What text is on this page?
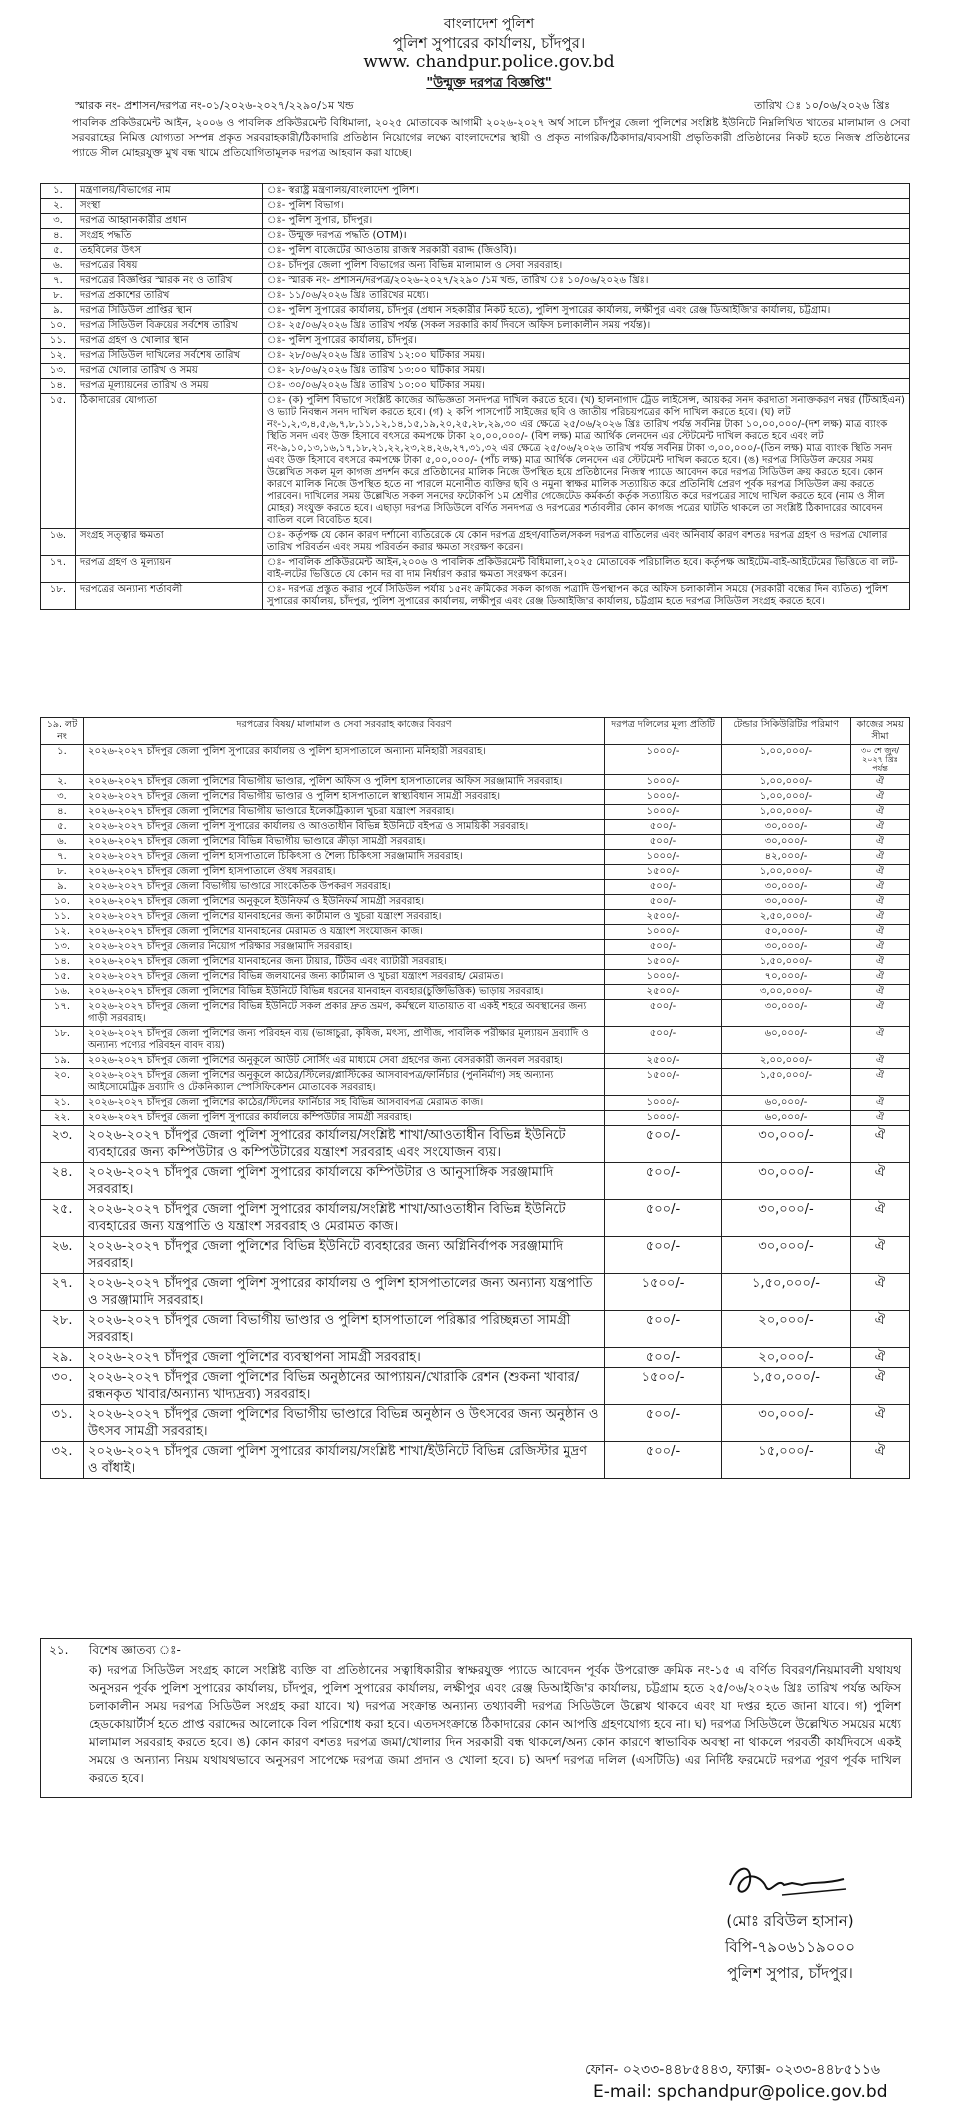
বাংলাদেশ পুলিশ
পুলিশ সুপারের কার্যালয়, চাঁদপুর।
www. chandpur.police.gov.bd
"উন্মুক্ত দরপত্র বিজ্ঞপ্তি"
স্মারক নং- প্রশাসন/দরপত্র নং-০১/২০২৬-২০২৭/২২৯০/১ম খন্ড	তারিখ ঃ ১০/০৬/২০২৬ খ্রিঃ
পাবলিক প্রকিউরমেন্ট আইন, ২০০৬ ও পাবলিক প্রকিউরমেন্ট বিধিমালা, ২০২৫ মোতাবেক আগামী ২০২৬-২০২৭ অর্থ সালে চাঁদপুর জেলা পুলিশের সংশ্লিষ্ট ইউনিটে নিম্নলিখিত খাতের মালামাল ও সেবা সরবরাহের নিমিত্ত যোগ্যতা সম্পন্ন প্রকৃত সরবরাহকারী/ঠিকাদারি প্রতিষ্ঠান নিয়োগের লক্ষ্যে বাংলাদেশের স্থায়ী ও প্রকৃত নাগরিক/ঠিকাদার/ব্যবসায়ী প্রভৃতিকারী প্রতিষ্ঠানের নিকট হতে নিজস্ব প্রতিষ্ঠানের প্যাডে সীল মোহরযুক্ত মুখ বন্ধ খামে প্রতিযোগিতামূলক দরপত্র আহবান করা যাচ্ছে।
১.	মন্ত্রণালয়/বিভাগের নাম	ঃ- স্বরাষ্ট্র মন্ত্রণালয়/বাংলাদেশ পুলিশ।
২.	সংস্থা	ঃ- পুলিশ বিভাগ।
৩.	দরপত্র আহ্বানকারীর প্রধান	ঃ- পুলিশ সুপার, চাঁদপুর।
৪.	সংগ্রহ পদ্ধতি	ঃ- উন্মুক্ত দরপত্র পদ্ধতি (OTM)।
৫.	তহবিলের উৎস	ঃ- পুলিশ বাজেটের আওতায় রাজস্ব সরকারী বরাদ্দ (জিওবি)।
৬.	দরপত্রের বিষয়	ঃ- চাঁদপুর জেলা পুলিশ বিভাগের অন্য বিভিন্ন মালামাল ও সেবা সরবরাহ।
৭.	দরপত্রের বিজ্ঞপ্তির স্মারক নং ও তারিখ	ঃ- স্মারক নং- প্রশাসন/দরপত্র/২০২৬-২০২৭/২২৯০ /১ম খন্ড, তারিখ ঃ ১০/০৬/২০২৬ খ্রিঃ।
৮.	দরপত্র প্রকাশের তারিখ	ঃ- ১১/০৬/২০২৬ খ্রিঃ তারিখের মধ্যে।
৯.	দরপত্র সিডিউল প্রাপ্তির স্থান	ঃ- পুলিশ সুপারের কার্যালয়, চাঁদপুর (প্রধান সহকারীর নিকট হতে), পুলিশ সুপারের কার্যালয়, লক্ষীপুর এবং রেঞ্জ ডিআইজি'র কার্যালয়, চট্টগ্রাম।
১০.	দরপত্র সিডিউল বিক্রয়ের সর্বশেষ তারিখ	ঃ- ২৫/০৬/২০২৬ খ্রিঃ তারিখ পর্যন্ত (সকল সরকারি কার্য দিবসে অফিস চলাকালীন সময় পর্যন্ত)।
১১.	দরপত্র গ্রহণ ও খোলার স্থান	ঃ- পুলিশ সুপারের কার্যালয়, চাঁদপুর।
১২.	দরপত্র সিডিউল দাখিলের সর্বশেষ তারিখ	ঃ- ২৮/০৬/২০২৬ খ্রিঃ তারিখ ১২:০০ ঘটিকার সময়।
১৩.	দরপত্র খোলার তারিখ ও সময়	ঃ- ২৮/০৬/২০২৬ খ্রিঃ তারিখ ১৩:০০ ঘটিকার সময়।
১৪.	দরপত্র মূল্যায়নের তারিখ ও সময়	ঃ- ৩০/০৬/২০২৬ খ্রিঃ তারিখ ১০:০০ ঘটিকার সময়।
১৫.	ঠিকাদারের যোগ্যতা	ঃ- (ক) পুলিশ বিভাগে সংশ্লিষ্ট কাজের অভিজ্ঞতা সনদপত্র দাখিল করতে হবে। (খ) হালনাগাদ ট্রেড লাইসেন্স, আয়কর সনদ করদাতা সনাক্তকরণ নম্বর (টিআইএন) ও ভ্যাট নিবন্ধন সনদ দাখিল করতে হবে। (গ) ২ কপি পাসপোর্ট সাইজের ছবি ও জাতীয় পরিচয়পত্রের কপি দাখিল করতে হবে। (ঘ) লট নং-১,২,৩,৪,৫,৬,৭,৮,১১,১২,১৪,১৫,১৯,২০,২৫,২৮,২৯,৩০ এর ক্ষেত্রে ২৫/০৬/২০২৬ খ্রিঃ তারিখ পর্যন্ত সর্বনিম্ন টাকা ১০,০০,০০০/-(দশ লক্ষ) মাত্র ব্যাংক স্থিতি সনদ এবং উক্ত হিসাবে বৎসরে কমপক্ষে টাকা ২০,০০,০০০/- (বিশ লক্ষ) মাত্র আর্থিক লেনদেন এর স্টেটমেন্ট দাখিল করতে হবে এবং লট নং-৯,১০,১৩,১৬,১৭,১৮,২১,২২,২৩,২৪,২৬,২৭,৩১,৩২ এর ক্ষেত্রে ২৫/০৬/২০২৬ তারিখ পর্যন্ত সর্বনিম্ন টাকা ৩,০০,০০০/-(তিন লক্ষ) মাত্র ব্যাংক স্থিতি সনদ এবং উক্ত হিসাবে বৎসরে কমপক্ষে টাকা ৫,০০,০০০/- (পাঁচ লক্ষ) মাত্র আর্থিক লেনদেন এর স্টেটমেন্ট দাখিল করতে হবে। (ঙ) দরপত্র সিডিউল ক্রয়ের সময় উল্লেখিত সকল মূল কাগজ প্রদর্শন করে প্রতিষ্ঠানের মালিক নিজে উপস্থিত হয়ে প্রতিষ্ঠানের নিজস্ব প্যাডে আবেদন করে দরপত্র সিডিউল ক্রয় করতে হবে। কোন কারণে মালিক নিজে উপস্থিত হতে না পারলে মনোনীত ব্যক্তির ছবি ও নমুনা স্বাক্ষর মালিক সত্যায়িত করে প্রতিনিধি প্রেরণ পূর্বক দরপত্র সিডিউল ক্রয় করতে পারবেন। দাখিলের সময় উল্লেখিত সকল সনদের ফটোকপি ১ম শ্রেণীর গেজেটেড কর্মকর্তা কর্তৃক সত্যায়িত করে দরপত্রের সাথে দাখিল করতে হবে (নাম ও সীল মোহর) সংযুক্ত করতে হবে। এছাড়া দরপত্র সিডিউলে বর্ণিত সনদপত্র ও দরপত্রের শর্তাবলীর কোন কাগজ পত্রের ঘাটতি থাকলে তা সংশ্লিষ্ট ঠিকাদারের আবেদন বাতিল বলে বিবেচিত হবে।
১৬.	সংগ্রহ সত্ত্বার ক্ষমতা	ঃ- কর্তৃপক্ষ যে কোন কারণ দর্শানো ব্যতিরেকে যে কোন দরপত্র গ্রহণ/বাতিল/সকল দরপত্র বাতিলের এবং অনিবার্য কারণ বশতঃ দরপত্র গ্রহণ ও দরপত্র খোলার তারিখ পরিবর্তন এবং সময় পরিবর্তন করার ক্ষমতা সংরক্ষণ করেন।
১৭.	দরপত্র গ্রহণ ও মূল্যায়ন	ঃ- পাবলিক প্রকিউরমেন্ট আইন,২০০৬ ও পাবলিক প্রকিউরমেন্ট বিধিমালা,২০২৫ মোতাবেক পরিচালিত হবে। কর্তৃপক্ষ আইটেম-বাই-আইটেমের ভিত্তিতে বা লট-বাই-লটের ভিত্তিতে যে কোন দর বা দাম নির্ধারণ করার ক্ষমতা সংরক্ষণ করেন।
১৮.	দরপত্রের অন্যান্য শর্তাবলী	ঃ- দরপত্র প্রস্তুত করার পূর্বে সিডিউল পর্যায় ১৫নং ক্রমিকের সকল কাগজ পত্রাদি উপস্থাপন করে অফিস চলাকালীন সময়ে (সরকারী বন্ধের দিন ব্যতিত) পুলিশ সুপারের কার্যালয়, চাঁদপুর, পুলিশ সুপারের কার্যালয়, লক্ষীপুর এবং রেঞ্জ ডিআইজি'র কার্যালয়, চট্টগ্রাম হতে দরপত্র সিডিউল সংগ্রহ করতে হবে।
১৯. লট নং	দরপত্রের বিষয়/ মালামাল ও সেবা সরবরাহ কাজের বিবরণ	দরপত্র দলিলের মূল্য প্রতিটি	টেন্ডার সিকিউরিটির পরিমাণ	কাজের সময় সীমা
১.	২০২৬-২০২৭ চাঁদপুর জেলা পুলিশ সুপারের কার্যালয় ও পুলিশ হাসপাতালে অন্যান্য মনিহারী সরবরাহ।	১০০০/-	১,০০,০০০/-	৩০ শে জুন/২০২৭ খ্রিঃ পর্যন্ত
২.	২০২৬-২০২৭ চাঁদপুর জেলা পুলিশের বিভাগীয় ভাণ্ডার, পুলিশ অফিস ও পুলিশ হাসপাতালের অফিস সরঞ্জামাদি সরবরাহ।	১০০০/-	১,০০,০০০/-	ঐ
৩.	২০২৬-২০২৭ চাঁদপুর জেলা পুলিশের বিভাগীয় ভাণ্ডার ও পুলিশ হাসপাতালে স্বাস্থ্যবিধান সামগ্রী সরবরাহ।	১০০০/-	১,০০,০০০/-	ঐ
৪.	২০২৬-২০২৭ চাঁদপুর জেলা পুলিশের বিভাগীয় ভাণ্ডারে ইলেকট্রিক্যাল খুচরা যন্ত্রাংশ সরবরাহ।	১০০০/-	১,০০,০০০/-	ঐ
৫.	২০২৬-২০২৭ চাঁদপুর জেলা পুলিশ সুপারের কার্যালয় ও আওতাধীন বিভিন্ন ইউনিটে বইপত্র ও সাময়িকী সরবরাহ।	৫০০/-	৩০,০০০/-	ঐ
৬.	২০২৬-২০২৭ চাঁদপুর জেলা পুলিশের বিভিন্ন বিভাগীয় ভাণ্ডারে ক্রীড়া সামগ্রী সরবরাহ।	৫০০/-	৩০,০০০/-	ঐ
৭.	২০২৬-২০২৭ চাঁদপুর জেলা পুলিশ হাসপাতালে চিকিৎসা ও শৈল্য চিকিৎসা সরঞ্জামাদি সরবরাহ।	১০০০/-	৪২,০০০/-	ঐ
৮.	২০২৬-২০২৭ চাঁদপুর জেলা পুলিশ হাসপাতালে ঔষধ সরবরাহ।	১৫০০/-	১,০০,০০০/-	ঐ
৯.	২০২৬-২০২৭ চাঁদপুর জেলা বিভাগীয় ভাণ্ডারে সাংকেতিক উপকরণ সরবরাহ।	৫০০/-	৩০,০০০/-	ঐ
১০.	২০২৬-২০২৭ চাঁদপুর জেলা পুলিশের অনুকূলে ইউনিফর্ম ও ইউনিফর্ম সামগ্রী সরবরাহ।	৫০০/-	৩০,০০০/-	ঐ
১১.	২০২৬-২০২৭ চাঁদপুর জেলা পুলিশের যানবাহনের জন্য কার্টামাল ও খুচরা যন্ত্রাংশ সরবরাহ।	২৫০০/-	২,৫০,০০০/-	ঐ
১২.	২০২৬-২০২৭ চাঁদপুর জেলা পুলিশের যানবাহনের মেরামত ও যন্ত্রাংশ সংযোজন কাজ।	১০০০/-	৫০,০০০/-	ঐ
১৩.	২০২৬-২০২৭ চাঁদপুর জেলার নিয়োগ পরিক্ষার সরঞ্জামাদি সরবরাহ।	৫০০/-	৩০,০০০/-	ঐ
১৪.	২০২৬-২০২৭ চাঁদপুর জেলা পুলিশের যানবাহনের জন্য টায়ার, টিউব এবং ব্যাটারী সরবরাহ।	১৫০০/-	১,৫০,০০০/-	ঐ
১৫.	২০২৬-২০২৭ চাঁদপুর জেলা পুলিশের বিভিন্ন জলযানের জন্য কার্টামাল ও খুচরা যন্ত্রাংশ সরবরাহ/ মেরামত।	১০০০/-	৭০,০০০/-	ঐ
১৬.	২০২৬-২০২৭ চাঁদপুর জেলা পুলিশের বিভিন্ন ইউনিটে বিভিন্ন ধরনের যানবাহন ব্যবহার(চুক্তিভিত্তিক) ভাড়ায় সরবরাহ।	২৫০০/-	৩,০০,০০০/-	ঐ
১৭.	২০২৬-২০২৭ চাঁদপুর জেলা পুলিশের বিভিন্ন ইউনিটে সকল প্রকার দ্রুত ভ্রমণ, কর্মস্থলে যাতায়াত বা একই শহরে অবস্থানের জন্য গাড়ী সরবরাহ।	৫০০/-	৩০,০০০/-	ঐ
১৮.	২০২৬-২০২৭ চাঁদপুর জেলা পুলিশের জন্য পরিবহন ব্যয় (ভাঙ্গাচুরা, কৃষিজ, মৎস্য, প্রাণীজ, পাবলিক পরীক্ষার মূল্যায়ন দ্রব্যাদি ও অন্যান্য পণ্যের পরিবহন বাবদ ব্যয়)	৫০০/-	৬০,০০০/-	ঐ
১৯.	২০২৬-২০২৭ চাঁদপুর জেলা পুলিশের অনুকূলে আউট সোর্সিং এর মাধ্যমে সেবা গ্রহণের জন্য বেসরকারী জনবল সরবরাহ।	২৫০০/-	২,০০,০০০/-	ঐ
২০.	২০২৬-২০২৭ চাঁদপুর জেলা পুলিশের অনুকূলে কাঠের/স্টিলের/প্লাস্টিকের আসবাবপত্র/ফার্নিচার (পুননির্মাণ) সহ অন্যান্য আইসোমেট্রিক দ্রব্যাদি ও টেকনিক্যাল স্পেসিফিকেশন মোতাবেক সরবরাহ।	১৫০০/-	১,৫০,০০০/-	ঐ
২১.	২০২৬-২০২৭ চাঁদপুর জেলা পুলিশের কাঠের/স্টিলের ফার্নিচার সহ বিভিন্ন আসবাবপত্র মেরামত কাজ।	১০০০/-	৬০,০০০/-	ঐ
২২.	২০২৬-২০২৭ চাঁদপুর জেলা পুলিশ সুপারের কার্যালয়ে কম্পিউটার সামগ্রী সরবরাহ।	১০০০/-	৬০,০০০/-	ঐ
২৩.	২০২৬-২০২৭ চাঁদপুর জেলা পুলিশ সুপারের কার্যালয়/সংশ্লিষ্ট শাখা/আওতাধীন বিভিন্ন ইউনিটে ব্যবহারের জন্য কম্পিউটার ও কম্পিউটারের যন্ত্রাংশ সরবরাহ এবং সংযোজন ব্যয়।	৫০০/-	৩০,০০০/-	ঐ
২৪.	২০২৬-২০২৭ চাঁদপুর জেলা পুলিশ সুপারের কার্যালয়ে কম্পিউটার ও আনুসাঙ্গিক সরঞ্জামাদি সরবরাহ।	৫০০/-	৩০,০০০/-	ঐ
২৫.	২০২৬-২০২৭ চাঁদপুর জেলা পুলিশ সুপারের কার্যালয়/সংশ্লিষ্ট শাখা/আওতাধীন বিভিন্ন ইউনিটে ব্যবহারের জন্য যন্ত্রপাতি ও যন্ত্রাংশ সরবরাহ ও মেরামত কাজ।	৫০০/-	৩০,০০০/-	ঐ
২৬.	২০২৬-২০২৭ চাঁদপুর জেলা পুলিশের বিভিন্ন ইউনিটে ব্যবহারের জন্য অগ্নিনির্বাপক সরঞ্জামাদি সরবরাহ।	৫০০/-	৩০,০০০/-	ঐ
২৭.	২০২৬-২০২৭ চাঁদপুর জেলা পুলিশ সুপারের কার্যালয় ও পুলিশ হাসপাতালের জন্য অন্যান্য যন্ত্রপাতি ও সরঞ্জামাদি সরবরাহ।	১৫০০/-	১,৫০,০০০/-	ঐ
২৮.	২০২৬-২০২৭ চাঁদপুর জেলা বিভাগীয় ভাণ্ডার ও পুলিশ হাসপাতালে পরিষ্কার পরিচ্ছন্নতা সামগ্রী সরবরাহ।	৫০০/-	২০,০০০/-	ঐ
২৯.	২০২৬-২০২৭ চাঁদপুর জেলা পুলিশের ব্যবস্থাপনা সামগ্রী সরবরাহ।	৫০০/-	২০,০০০/-	ঐ
৩০.	২০২৬-২০২৭ চাঁদপুর জেলা পুলিশের বিভিন্ন অনুষ্ঠানের আপ্যায়ন/খোরাকি রেশন (শুকনা খাবার/রন্ধনকৃত খাবার/অন্যান্য খাদ্যদ্রব্য) সরবরাহ।	১৫০০/-	১,৫০,০০০/-	ঐ
৩১.	২০২৬-২০২৭ চাঁদপুর জেলা পুলিশের বিভাগীয় ভাণ্ডারে বিভিন্ন অনুষ্ঠান ও উৎসবের জন্য অনুষ্ঠান ও উৎসব সামগ্রী সরবরাহ।	৫০০/-	৩০,০০০/-	ঐ
৩২.	২০২৬-২০২৭ চাঁদপুর জেলা পুলিশ সুপারের কার্যালয়/সংশ্লিষ্ট শাখা/ইউনিটে বিভিন্ন রেজিস্টার মুদ্রণ ও বাঁধাই।	৫০০/-	১৫,০০০/-	ঐ
২১. বিশেষ জ্ঞাতব্য ঃ-
ক) দরপত্র সিডিউল সংগ্রহ কালে সংশ্লিষ্ট ব্যক্তি বা প্রতিষ্ঠানের সত্বাধিকারীর স্বাক্ষরযুক্ত প্যাডে আবেদন পূর্বক উপরোক্ত ক্রমিক নং-১৫ এ বর্ণিত বিবরণ/নিয়মাবলী যথাযথ অনুসরন পূর্বক পুলিশ সুপারের কার্যালয়, চাঁদপুর, পুলিশ সুপারের কার্যালয়, লক্ষীপুর এবং রেঞ্জ ডিআইজি'র কার্যালয়, চট্টগ্রাম হতে ২৫/০৬/২০২৬ খ্রিঃ তারিখ পর্যন্ত অফিস চলাকালীন সময় দরপত্র সিডিউল সংগ্রহ করা যাবে। খ) দরপত্র সংক্রান্ত অন্যান্য তথ্যাবলী দরপত্র সিডিউলে উল্লেখ থাকবে এবং যা দপ্তর হতে জানা যাবে। গ) পুলিশ হেডকোয়ার্টার্স হতে প্রাপ্ত বরাদ্দের আলোকে বিল পরিশোধ করা হবে। এতদসংক্রান্তে ঠিকাদারের কোন আপত্তি গ্রহণযোগ্য হবে না। ঘ) দরপত্র সিডিউলে উল্লেখিত সময়ের মধ্যে মালামাল সরবরাহ করতে হবে। ঙ) কোন কারণ বশতঃ দরপত্র জমা/খোলার দিন সরকারী বন্ধ থাকলে/অন্য কোন কারণে স্বাভাবিক অবস্থা না থাকলে পরবর্তী কার্যদিবসে একই সময়ে ও অন্যান্য নিয়ম যথাযথভাবে অনুসরণ সাপেক্ষে দরপত্র জমা প্রদান ও খোলা হবে। চ) অদর্শ দরপত্র দলিল (এসটিডি) এর নির্দিষ্ট ফরমেটে দরপত্র পূরণ পূর্বক দাখিল করতে হবে।
(মোঃ রবিউল হাসান)
বিপি-৭৯০৬১১৯০০০
পুলিশ সুপার, চাঁদপুর।
ফোন- ০২৩৩-৪৪৮৫৪৪৩, ফ্যাক্স- ০২৩৩-৪৪৮৫১১৬
E-mail: spchandpur@police.gov.bd
